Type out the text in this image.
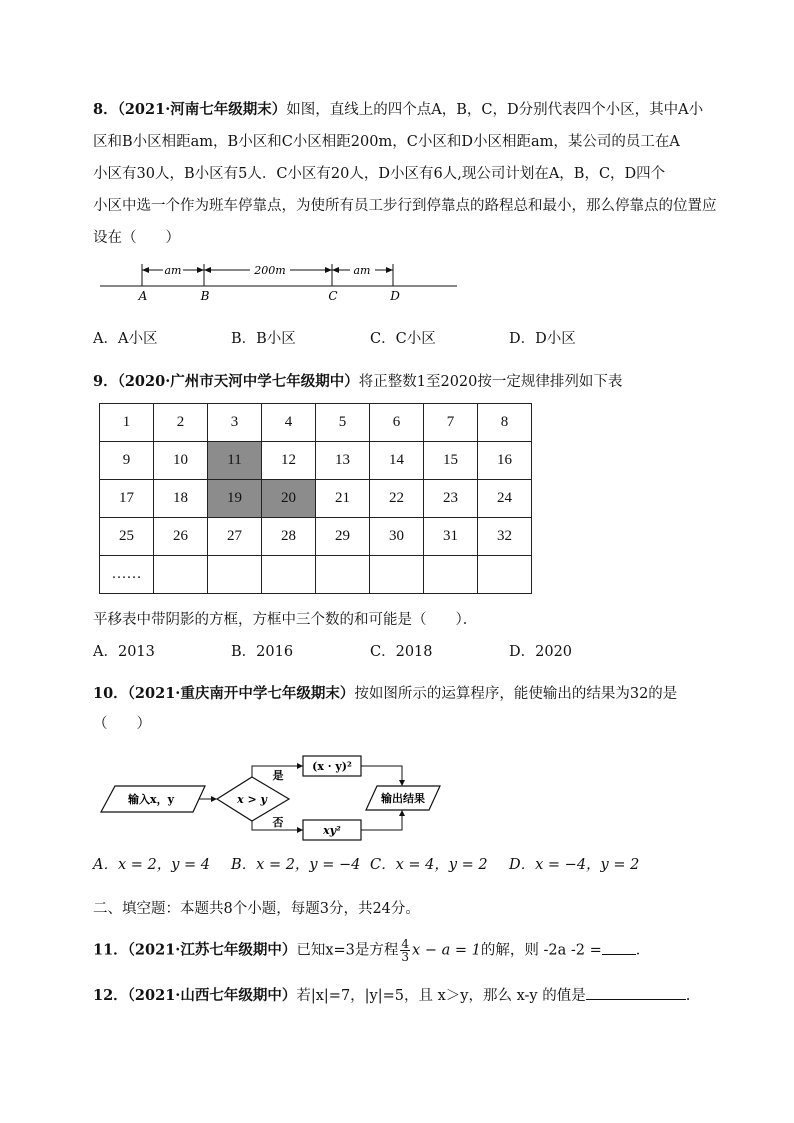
8．（2021·河南七年级期末）如图，直线上的四个点A，B，C，D分别代表四个小区，其中A小
区和B小区相距am，B小区和C小区相距200m，C小区和D小区相距am，某公司的员工在A
小区有30人，B小区有5人．C小区有20人，D小区有6人,现公司计划在A，B，C，D四个
小区中选一个作为班车停靠点，为使所有员工步行到停靠点的路程总和最小，那么停靠点的位置应
设在（　　）
am	200m	am
A	B	C	D
A．A小区	B．B小区	C．C小区	D．D小区
9．（2020·广州市天河中学七年级期中）将正整数1至2020按一定规律排列如下表
1	2	3	4	5	6	7	8
9	10	11	12	13	14	15	16
17	18	19	20	21	22	23	24
25	26	27	28	29	30	31	32
……							
平移表中带阴影的方框，方框中三个数的和可能是（　　）．
A．2013	B．2016	C．2018	D．2020
10．（2021·重庆南开中学七年级期末）按如图所示的运算程序，能使输出的结果为32的是
（　　）
输入x，y	x > y
是
(x · y)²
否
xy²
输出结果
A．x = 2，y = 4 B．x = 2，y = −4 C．x = 4，y = 2 D．x = −4，y = 2
二、填空题：本题共8个小题，每题3分，共24分。
11．（2021·江苏七年级期中）已知x=3是方程 $\frac{4}{3}$ x − a = 1的解，则 -2a -2 = ．
12．（2021·山西七年级期中）若|x|=7，|y|=5，且 x＞y，那么 x-y 的值是	.
